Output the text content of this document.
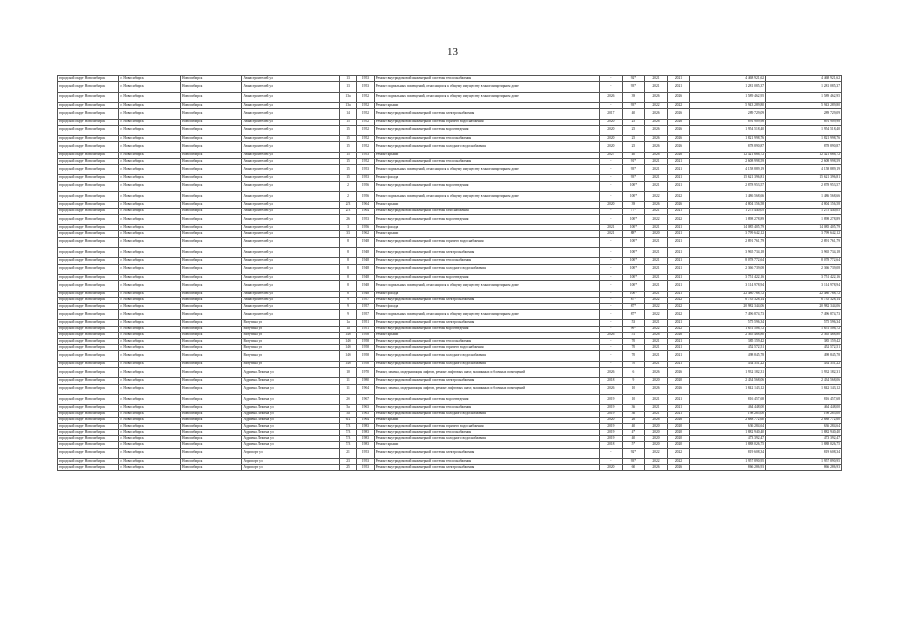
13
городской округ Новосибирск	г. Новосибирск	Новосибирск	Авиастроителей ул	13	1953	Ремонт внутридомовой инженерной системы теплоснабжения	-	92*	2021	2021	4 468 921,62	4 468 921,62
городской округ Новосибирск	г. Новосибирск	Новосибирск	Авиастроителей ул	13	1953	Ремонт подвальных помещений, относящихся к общему имуществу в многоквартирном доме	-	93*	2021	2021	1 281 085,37	1 281 085,37
городской округ Новосибирск	г. Новосибирск	Новосибирск	Авиастроителей ул	13а	1952	Ремонт подвальных помещений, относящихся к общему имуществу в многоквартирном доме	2026	39	2026	2026	1 589 462,95	1 589 462,95
городской округ Новосибирск	г. Новосибирск	Новосибирск	Авиастроителей ул	13а	1952	Ремонт крыши	-	93*	2022	2022	5 943 289,80	5 943 289,80
городской округ Новосибирск	г. Новосибирск	Новосибирск	Авиастроителей ул	14	1952	Ремонт внутридомовой инженерной системы электроснабжения	2017	40	2026	2026	289 729,09	289 729,09
городской округ Новосибирск	г. Новосибирск	Новосибирск	Авиастроителей ул	15	1952	Ремонт внутридомовой инженерной системы горячего водоснабжения	2020	25	2026	2026	891 909,98	891 909,98
городской округ Новосибирск	г. Новосибирск	Новосибирск	Авиастроителей ул	15	1952	Ремонт внутридомовой инженерной системы водоотведения	2020	25	2026	2026	1 954 518,40	1 954 518,40
городской округ Новосибирск	г. Новосибирск	Новосибирск	Авиастроителей ул	15	1952	Ремонт внутридомовой инженерной системы теплоснабжения	2020	25	2026	2026	1 821 998,76	1 821 998,76
городской округ Новосибирск	г. Новосибирск	Новосибирск	Авиастроителей ул	15	1952	Ремонт внутридомовой инженерной системы холодного водоснабжения	2020	25	2026	2026	878 890,87	878 890,87
городской округ Новосибирск	г. Новосибирск	Новосибирск	Авиастроителей ул	15	1953	Ремонт крыши	2027	40	2026	2026	12 421 666,72	12 421 666,72
городской округ Новосибирск	г. Новосибирск	Новосибирск	Авиастроителей ул	15	1952	Ремонт внутридомовой инженерной системы теплоснабжения	-	91*	2021	2021	2 608 998,59	2 608 998,59
городской округ Новосибирск	г. Новосибирск	Новосибирск	Авиастроителей ул	15	1953	Ремонт подвальных помещений, относящихся к общему имуществу в многоквартирном доме	-	93*	2021	2021	4 158 889,19	4 158 889,19
городской округ Новосибирск	г. Новосибирск	Новосибирск	Авиастроителей ул	15	1953	Ремонт фасада	-	93*	2021	2021	15 621 396,81	15 621 396,81
городской округ Новосибирск	г. Новосибирск	Новосибирск	Авиастроителей ул	2	1956	Ремонт внутридомовой инженерной системы водоотведения	-	100*	2021	2021	2 878 953,57	2 878 953,57
городской округ Новосибирск	г. Новосибирск	Новосибирск	Авиастроителей ул	2	1956	Ремонт подвальных помещений, относящихся к общему имуществу в многоквартирном доме	-	100*	2022	2022	1 486 568,66	1 486 568,66
городской округ Новосибирск	г. Новосибирск	Новосибирск	Авиастроителей ул	2/3	1964	Ремонт крыши	2020	39	2026	2026	4 804 156,58	4 804 156,58
городской округ Новосибирск	г. Новосибирск	Новосибирск	Авиастроителей ул	2/3	1964	Ремонт внутридомовой инженерной системы газоснабжения	-	77*	2021	2021	1 275 440,05	1 275 440,05
городской округ Новосибирск	г. Новосибирск	Новосибирск	Авиастроителей ул	26	1953	Ремонт внутридомовой инженерной системы водоотведения	-	100*	2022	2022	1 898 278,89	1 898 278,89
городской округ Новосибирск	г. Новосибирск	Новосибирск	Авиастроителей ул	3	1956	Ремонт фасада	2021	100*	2021	2021	14 085 405,79	14 085 405,79
городской округ Новосибирск	г. Новосибирск	Новосибирск	Авиастроителей ул	33	1962	Ремонт крыши	2021	88*	2020	2021	3 799 642,12	3 799 642,12
городской округ Новосибирск	г. Новосибирск	Новосибирск	Авиастроителей ул	8	1948	Ремонт внутридомовой инженерной системы горячего водоснабжения	-	100*	2021	2021	2 891 761,79	2 891 761,79
городской округ Новосибирск	г. Новосибирск	Новосибирск	Авиастроителей ул	8	1948	Ремонт внутридомовой инженерной системы электроснабжения	-	100*	2021	2021	3 965 734,18	3 965 734,18
городской округ Новосибирск	г. Новосибирск	Новосибирск	Авиастроителей ул	8	1948	Ремонт внутридомовой инженерной системы теплоснабжения	-	100*	2021	2021	8 078 772,64	8 078 772,64
городской округ Новосибирск	г. Новосибирск	Новосибирск	Авиастроителей ул	8	1948	Ремонт внутридомовой инженерной системы холодного водоснабжения	-	100*	2021	2021	2 366 739,08	2 366 739,08
городской округ Новосибирск	г. Новосибирск	Новосибирск	Авиастроителей ул	8	1948	Ремонт внутридомовой инженерной системы водоотведения	-	100*	2021	2021	3 751 422,16	3 751 422,16
городской округ Новосибирск	г. Новосибирск	Новосибирск	Авиастроителей ул	8	1948	Ремонт подвальных помещений, относящихся к общему имуществу в многоквартирном доме	-	100*	2021	2021	3 114 978,94	3 114 978,94
городской округ Новосибирск	г. Новосибирск	Новосибирск	Авиастроителей ул	8	1948	Ремонт фасада	-	100*	2021	2021	22 480 768,72	22 480 768,72
городской округ Новосибирск	г. Новосибирск	Новосибирск	Авиастроителей ул	9	1957	Ремонт внутридомовой инженерной системы электроснабжения	-	87*	2022	2022	6 735 328,14	6 735 328,14
городской округ Новосибирск	г. Новосибирск	Новосибирск	Авиастроителей ул	9	1957	Ремонт фасада	-	87*	2022	2022	20 982 344,06	20 982 344,06
городской округ Новосибирск	г. Новосибирск	Новосибирск	Авиастроителей ул	9	1957	Ремонт подвальных помещений, относящихся к общему имуществу в многоквартирном доме	-	87*	2022	2022	7 496 874,73	7 496 874,73
городской округ Новосибирск	г. Новосибирск	Новосибирск	Ватутина ул	1а	1951	Ремонт внутридомовой инженерной системы электроснабжения	-	53	2021	2021	575 596,34	575 596,34
городской округ Новосибирск	г. Новосибирск	Новосибирск	Ватутина ул	1а	1951	Ремонт внутридомовой инженерной системы водоотведения	-	99*	2022	2022	1 651 506,72	1 651 506,72
городской округ Новосибирск	г. Новосибирск	Новосибирск	Ватутина ул	14б	1958	Ремонт крыши	2026	51	2026	2026	2 365 468,80	2 365 468,80
городской округ Новосибирск	г. Новосибирск	Новосибирск	Ватутина ул	14б	1958	Ремонт внутридомовой инженерной системы теплоснабжения	-	70	2021	2021	385 159,42	385 159,42
городской округ Новосибирск	г. Новосибирск	Новосибирск	Ватутина ул	14б	1958	Ремонт внутридомовой инженерной системы горячего водоснабжения	-	70	2021	2021	452 572,51	452 572,51
городской округ Новосибирск	г. Новосибирск	Новосибирск	Ватутина ул	14б	1958	Ремонт внутридомовой инженерной системы холодного водоснабжения	-	70	2021	2021	498 845,78	498 845,78
городской округ Новосибирск	г. Новосибирск	Новосибирск	Ватутина ул	14б	1958	Ремонт внутридомовой инженерной системы холодного водоснабжения	-	70	2021	2021	434 351,22	434 351,22
городской округ Новосибирск	г. Новосибирск	Новосибирск	Адриена Лежена ул	10	1970	Ремонт, замена, модернизация лифтов, ремонт лифтовых шахт, машинных и блочных помещений	2026	6	2026	2026	1 932 182,31	1 932 182,31
городской округ Новосибирск	г. Новосибирск	Новосибирск	Адриена Лежена ул	11	1980	Ремонт внутридомовой инженерной системы электроснабжения	2018	9	2020	2020	2 434 568,06	2 434 568,06
городской округ Новосибирск	г. Новосибирск	Новосибирск	Адриена Лежена ул	11	1964	Ремонт, замена, модернизация лифтов, ремонт лифтовых шахт, машинных и блочных помещений	2026	10	2026	2026	1 842 143,12	1 842 143,12
городской округ Новосибирск	г. Новосибирск	Новосибирск	Адриена Лежена ул	2б	1967	Ремонт внутридомовой инженерной системы водоотведения	2019	10	2021	2021	816 457,68	816 457,68
городской округ Новосибирск	г. Новосибирск	Новосибирск	Адриена Лежена ул	5а	1963	Ремонт внутридомовой инженерной системы теплоснабжения	2019	36	2021	2021	464 448,00	464 448,00
городской округ Новосибирск	г. Новосибирск	Новосибирск	Адриена Лежена ул	5а	1963	Ремонт внутридомовой инженерной системы холодного водоснабжения	2019	36	2021	2021	198 285,00	198 285,00
городской округ Новосибирск	г. Новосибирск	Новосибирск	Адриена Лежена ул	6/2	1964	Ремонт крыши	2020	26	2026	2026	2 688 772,60	2 688 772,60
городской округ Новосибирск	г. Новосибирск	Новосибирск	Адриена Лежена ул	7/3	1983	Ремонт внутридомовой инженерной системы горячего водоснабжения	2019	40	2020	2020	636 284,64	636 284,64
городской округ Новосибирск	г. Новосибирск	Новосибирск	Адриена Лежена ул	7/3	1983	Ремонт внутридомовой инженерной системы теплоснабжения	2019	4*	2020	2020	1 882 940,40	1 882 940,40
городской округ Новосибирск	г. Новосибирск	Новосибирск	Адриена Лежена ул	7/3	1983	Ремонт внутридомовой инженерной системы холодного водоснабжения	2019	40	2020	2020	473 392,47	473 392,47
городской округ Новосибирск	г. Новосибирск	Новосибирск	Адриена Лежена ул	7/3	1983	Ремонт крыши	2018	5*	2020	2020	1 888 026,75	1 888 026,75
городской округ Новосибирск	г. Новосибирск	Новосибирск	Аэропорт ул	21	1953	Ремонт внутридомовой инженерной системы электроснабжения	-	92*	2022	2022	819 608,34	819 608,34
городской округ Новосибирск	г. Новосибирск	Новосибирск	Аэропорт ул	23	1953	Ремонт внутридомовой инженерной системы теплоснабжения	-	93*	2022	2022	1 957 890,95	1 957 890,95
городской округ Новосибирск	г. Новосибирск	Новосибирск	Аэропорт ул	25	1953	Ремонт внутридомовой инженерной системы электроснабжения	2020	60	2026	2026	866 286,93	866 286,93
